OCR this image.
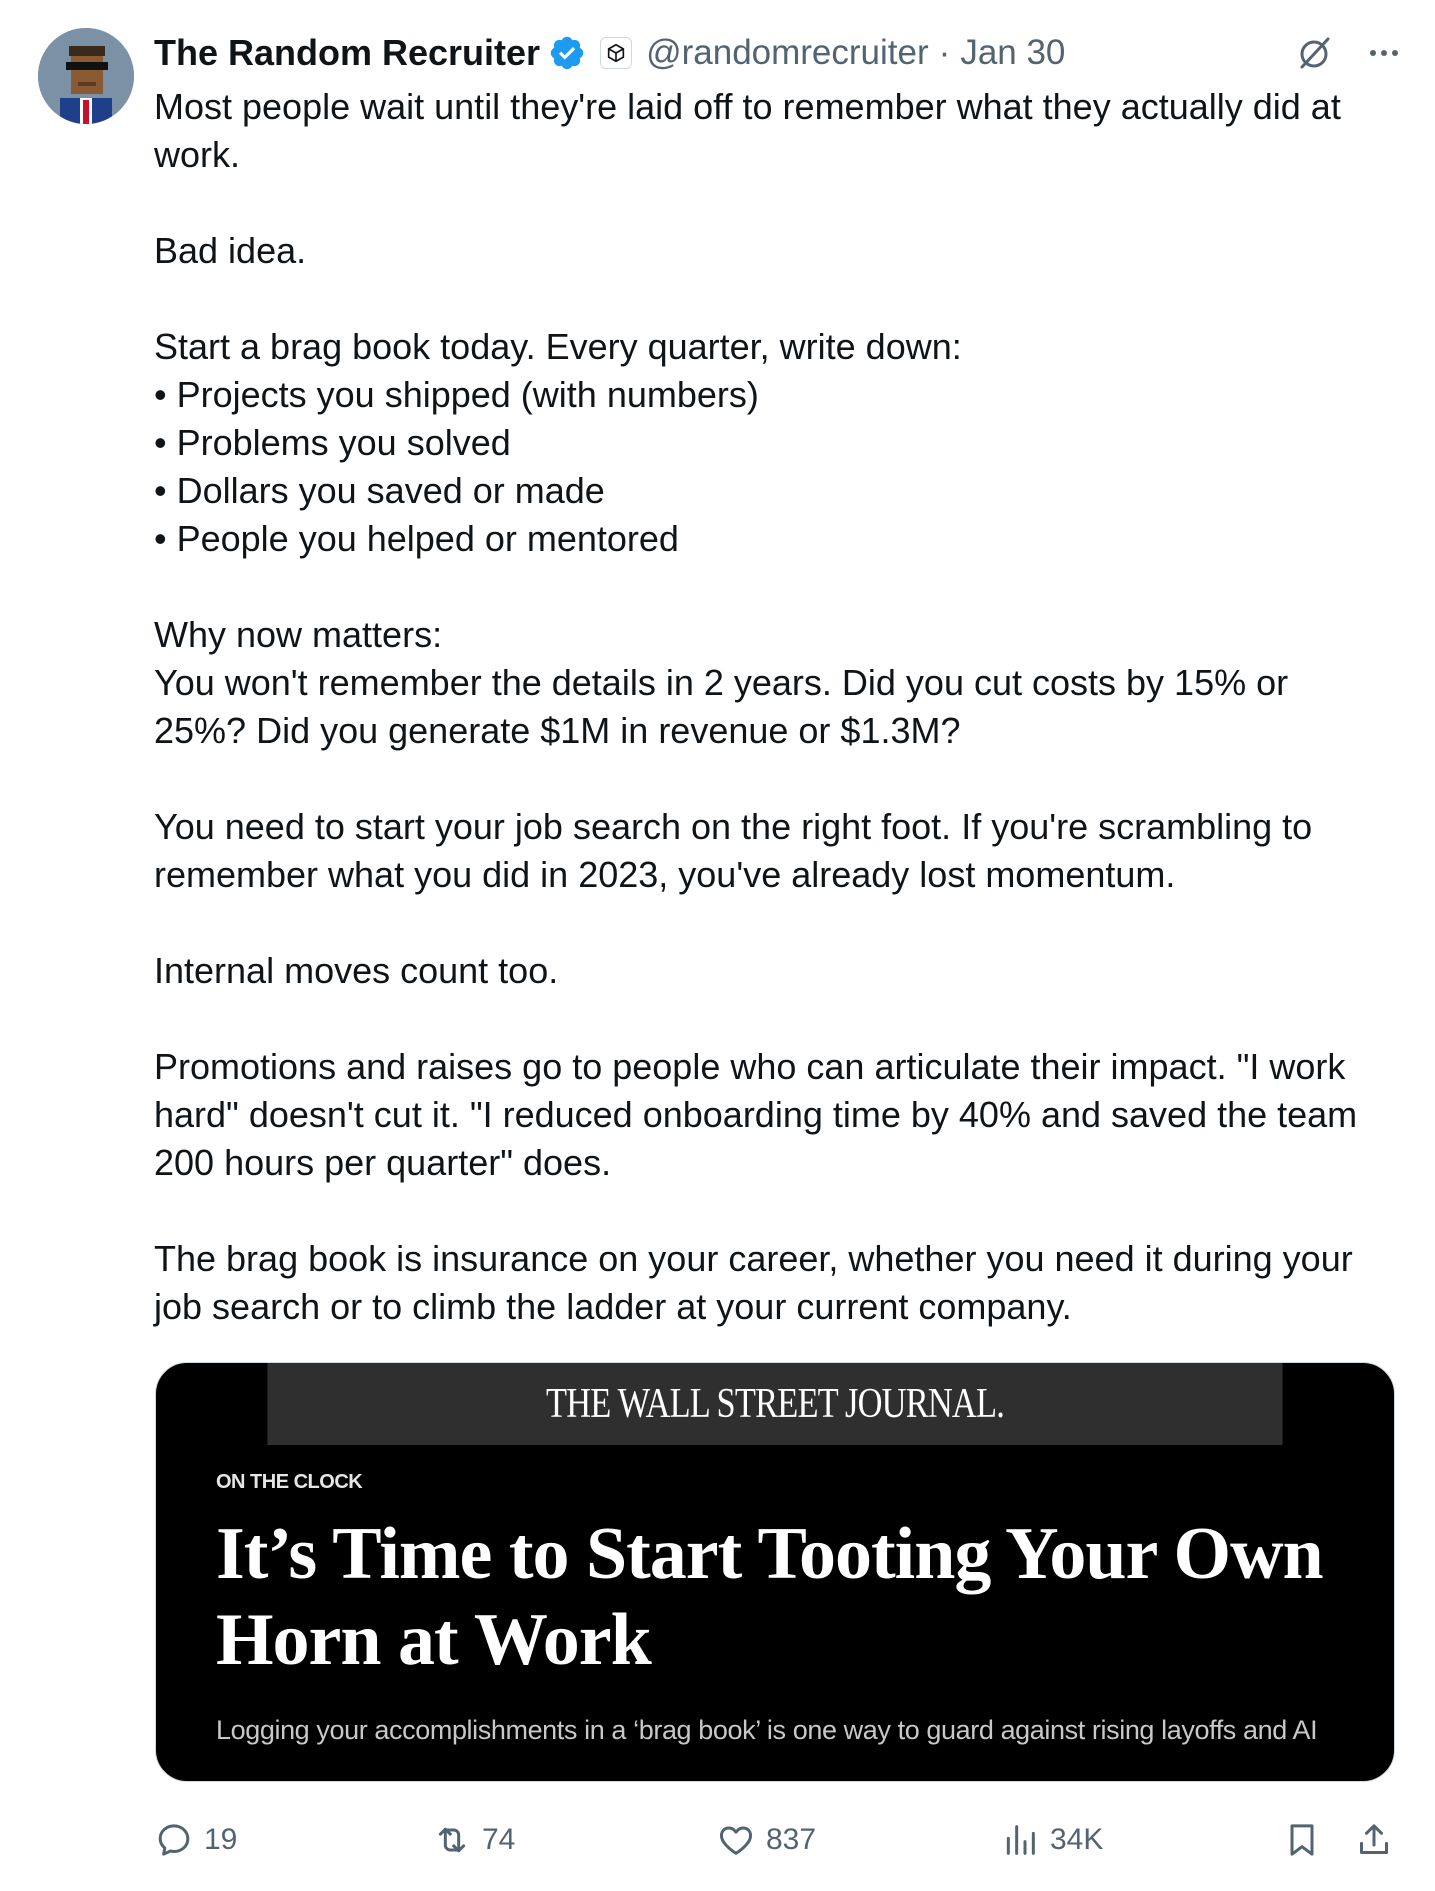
The Random Recruiter	@randomrecruiter · Jan 30

Most people wait until they're laid off to remember what they actually did at
work.

Bad idea.

Start a brag book today. Every quarter, write down:
• Projects you shipped (with numbers)
• Problems you solved
• Dollars you saved or made
• People you helped or mentored

Why now matters:
You won't remember the details in 2 years. Did you cut costs by 15% or
25%? Did you generate $1M in revenue or $1.3M?

You need to start your job search on the right foot. If you're scrambling to
remember what you did in 2023, you've already lost momentum.

Internal moves count too.

Promotions and raises go to people who can articulate their impact. "I work
hard" doesn't cut it. "I reduced onboarding time by 40% and saved the team
200 hours per quarter" does.

The brag book is insurance on your career, whether you need it during your
job search or to climb the ladder at your current company.

THE WALL STREET JOURNAL.
ON THE CLOCK
It’s Time to Start Tooting Your Own
Horn at Work
Logging your accomplishments in a ‘brag book’ is one way to guard against rising layoffs and AI
19	74	837	34K
